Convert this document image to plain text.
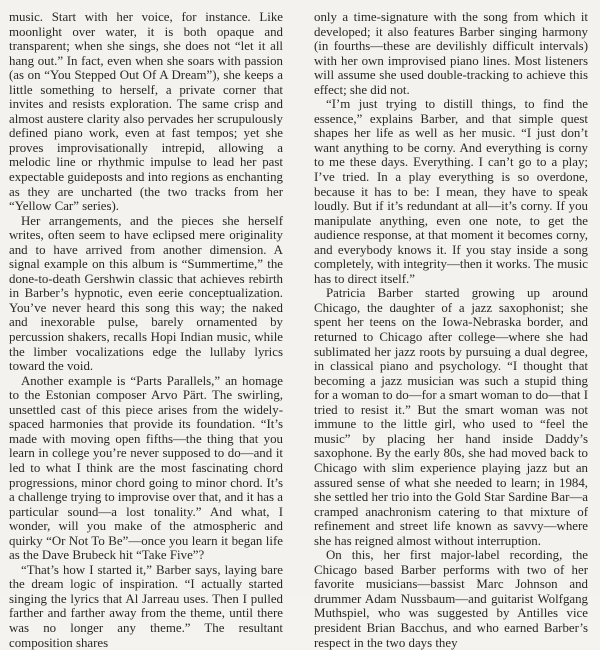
music. Start with her voice, for instance. Like moonlight over water, it is both opaque and transparent; when she sings, she does not “let it all hang out.” In fact, even when she soars with passion (as on “You Stepped Out Of A Dream”), she keeps a little something to herself, a private corner that invites and resists exploration. The same crisp and almost austere clarity also pervades her scrupulously defined piano work, even at fast tempos; yet she proves improvisationally intrepid, allowing a melodic line or rhythmic impulse to lead her past expectable guideposts and into regions as enchanting as they are uncharted (the two tracks from her “Yellow Car” series).

Her arrangements, and the pieces she herself writes, often seem to have eclipsed mere originality and to have arrived from another dimension. A signal example on this album is “Summertime,” the done-to-death Gershwin classic that achieves rebirth in Barber’s hypnotic, even eerie conceptualization. You’ve never heard this song this way; the naked and inexorable pulse, barely ornamented by percussion shakers, recalls Hopi Indian music, while the limber vocalizations edge the lullaby lyrics toward the void.

Another example is “Parts Parallels,” an homage to the Estonian composer Arvo Pärt. The swirling, unsettled cast of this piece arises from the widely-spaced harmonies that provide its foundation. “It’s made with moving open fifths—the thing that you learn in college you’re never supposed to do—and it led to what I think are the most fascinating chord progressions, minor chord going to minor chord. It’s a challenge trying to improvise over that, and it has a particular sound—a lost tonality.” And what, I wonder, will you make of the atmospheric and quirky “Or Not To Be”—once you learn it began life as the Dave Brubeck hit “Take Five”?

“That’s how I started it,” Barber says, laying bare the dream logic of inspiration. “I actually started singing the lyrics that Al Jarreau uses. Then I pulled farther and farther away from the theme, until there was no longer any theme.” The resultant composition shares

only a time-signature with the song from which it developed; it also features Barber singing harmony (in fourths—these are devilishly difficult intervals) with her own improvised piano lines. Most listeners will assume she used double-tracking to achieve this effect; she did not.

“I’m just trying to distill things, to find the essence,” explains Barber, and that simple quest shapes her life as well as her music. “I just don’t want anything to be corny. And everything is corny to me these days. Everything. I can’t go to a play; I’ve tried. In a play everything is so overdone, because it has to be: I mean, they have to speak loudly. But if it’s redundant at all—it’s corny. If you manipulate anything, even one note, to get the audience response, at that moment it becomes corny, and everybody knows it. If you stay inside a song completely, with integrity—then it works. The music has to direct itself.”

Patricia Barber started growing up around Chicago, the daughter of a jazz saxophonist; she spent her teens on the Iowa-Nebraska border, and returned to Chicago after college—where she had sublimated her jazz roots by pursuing a dual degree, in classical piano and psychology. “I thought that becoming a jazz musician was such a stupid thing for a woman to do—for a smart woman to do—that I tried to resist it.” But the smart woman was not immune to the little girl, who used to “feel the music” by placing her hand inside Daddy’s saxophone. By the early 80s, she had moved back to Chicago with slim experience playing jazz but an assured sense of what she needed to learn; in 1984, she settled her trio into the Gold Star Sardine Bar—a cramped anachronism catering to that mixture of refinement and street life known as savvy—where she has reigned almost without interruption.

On this, her first major-label recording, the Chicago based Barber performs with two of her favorite musicians—bassist Marc Johnson and drummer Adam Nussbaum—and guitarist Wolfgang Muthspiel, who was suggested by Antilles vice president Brian Bacchus, and who earned Barber’s respect in the two days they
